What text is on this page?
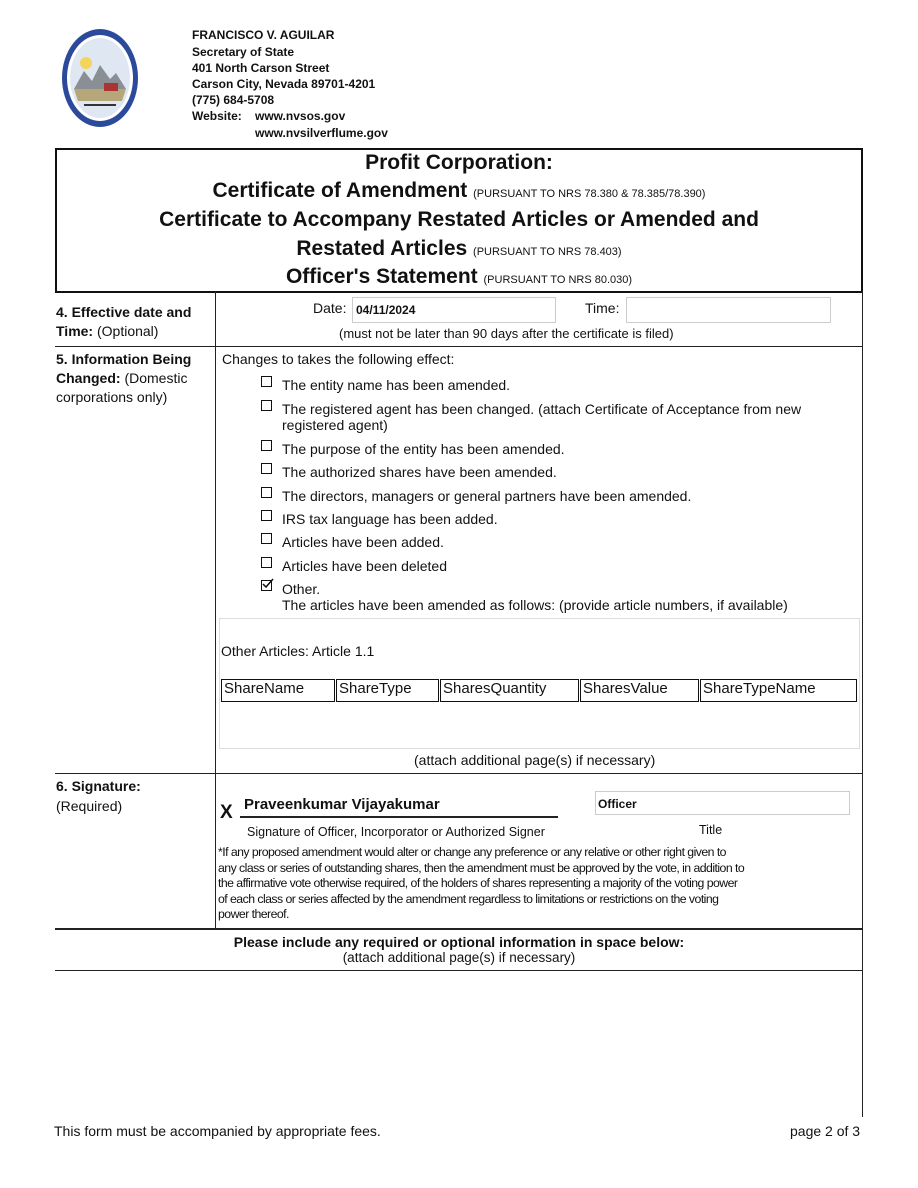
FRANCISCO V. AGUILAR
Secretary of State
401 North Carson Street
Carson City, Nevada 89701-4201
(775) 684-5708
Website: www.nvsos.gov
www.nvsilverflume.gov
Profit Corporation:
Certificate of Amendment (PURSUANT TO NRS 78.380 & 78.385/78.390)
Certificate to Accompany Restated Articles or Amended and
Restated Articles (PURSUANT TO NRS 78.403)
Officer's Statement (PURSUANT TO NRS 80.030)
4. Effective date and
Time: (Optional)
Date: 04/11/2024	Time:
(must not be later than 90 days after the certificate is filed)
5. Information Being
Changed: (Domestic
corporations only)
Changes to takes the following effect:
The entity name has been amended.
The registered agent has been changed. (attach Certificate of Acceptance from new
registered agent)
The purpose of the entity has been amended.
The authorized shares have been amended.
The directors, managers or general partners have been amended.
IRS tax language has been added.
Articles have been added.
Articles have been deleted
Other.
The articles have been amended as follows: (provide article numbers, if available)
Other Articles: Article 1.1
ShareName	ShareType	SharesQuantity	SharesValue	ShareTypeName
(attach additional page(s) if necessary)
6. Signature:
(Required)	X Praveenkumar Vijayakumar
Signature of Officer, Incorporator or Authorized Signer
Officer
Title
*If any proposed amendment would alter or change any preference or any relative or other right given to
any class or series of outstanding shares, then the amendment must be approved by the vote, in addition to
the affirmative vote otherwise required, of the holders of shares representing a majority of the voting power
of each class or series affected by the amendment regardless to limitations or restrictions on the voting
power thereof.
Please include any required or optional information in space below:
(attach additional page(s) if necessary)
This form must be accompanied by appropriate fees.	page 2 of 3
